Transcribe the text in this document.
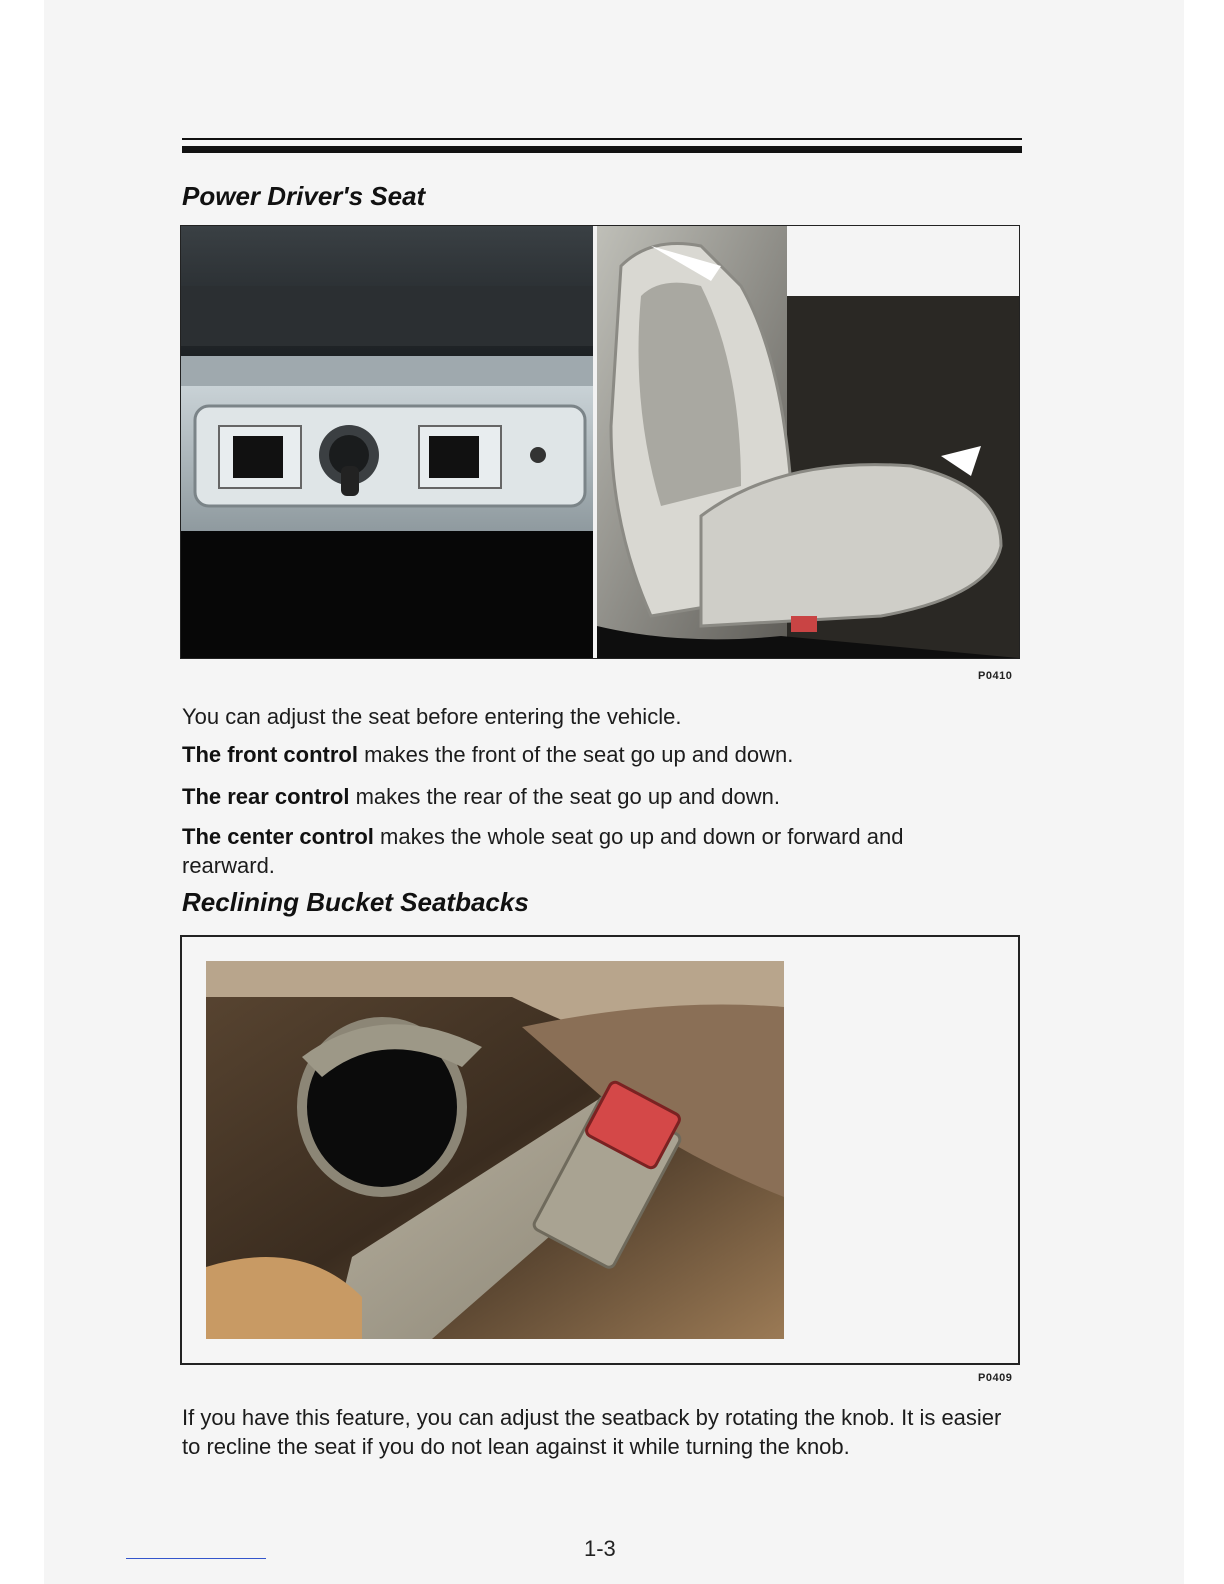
Power Driver's Seat
P0410

You can adjust the seat before entering the vehicle.

The front control makes the front of the seat go up and down.

The rear control makes the rear of the seat go up and down.

The center control makes the whole seat go up and down or forward and rearward.

Reclining Bucket Seatbacks
P0409

If you have this feature, you can adjust the seatback by rotating the knob. It is easier to recline the seat if you do not lean against it while turning the knob.

1-3
